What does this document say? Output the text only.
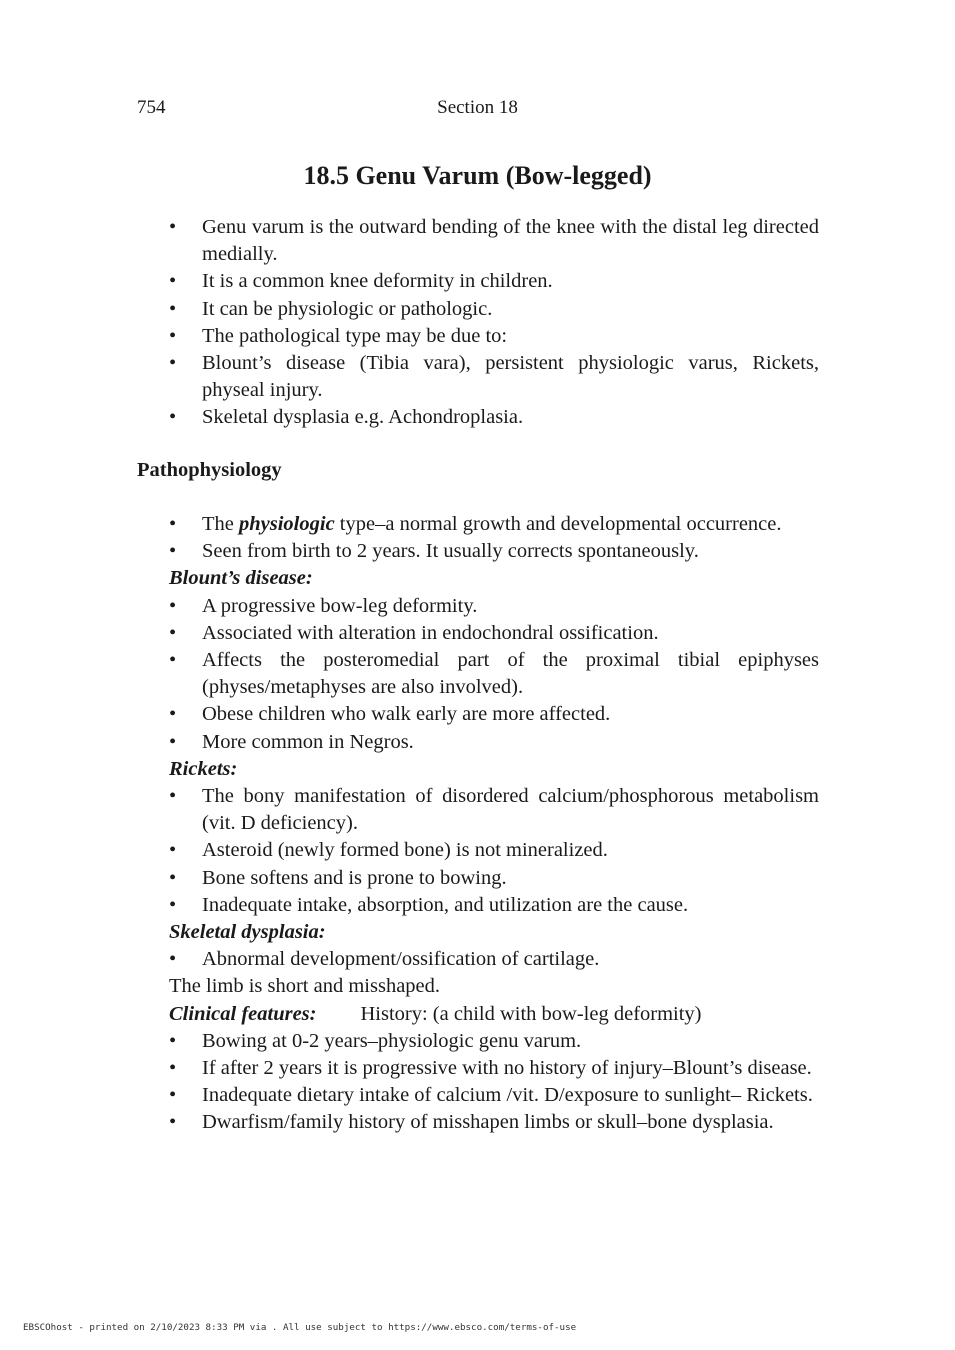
754	Section 18
18.5 Genu Varum (Bow-legged)
• Genu varum is the outward bending of the knee with the distal leg directed medially.
• It is a common knee deformity in children.
• It can be physiologic or pathologic.
• The pathological type may be due to:
• Blount’s disease (Tibia vara), persistent physiologic varus, Rickets, physeal injury.
• Skeletal dysplasia e.g. Achondroplasia.
Pathophysiology
• The physiologic type–a normal growth and developmental occurrence.
• Seen from birth to 2 years. It usually corrects spontaneously.
Blount’s disease:
• A progressive bow-leg deformity.
• Associated with alteration in endochondral ossification.
• Affects the posteromedial part of the proximal tibial epiphyses (physes/metaphyses are also involved).
• Obese children who walk early are more affected.
• More common in Negros.
Rickets:
• The bony manifestation of disordered calcium/phosphorous metabolism (vit. D deficiency).
• Asteroid (newly formed bone) is not mineralized.
• Bone softens and is prone to bowing.
• Inadequate intake, absorption, and utilization are the cause.
Skeletal dysplasia:
• Abnormal development/ossification of cartilage.
The limb is short and misshaped.
Clinical features: History: (a child with bow-leg deformity)
• Bowing at 0-2 years–physiologic genu varum.
• If after 2 years it is progressive with no history of injury–Blount’s disease.
• Inadequate dietary intake of calcium /vit. D/exposure to sunlight– Rickets.
• Dwarfism/family history of misshapen limbs or skull–bone dysplasia.
EBSCOhost - printed on 2/10/2023 8:33 PM via . All use subject to https://www.ebsco.com/terms-of-use
